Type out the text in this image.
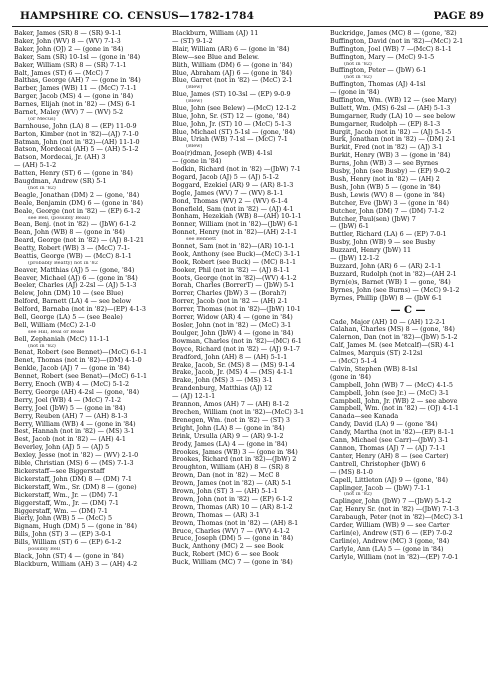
HAMPSHIRE CO. CENSUS—1782-1784	PAGE 89
Baker, James (SR) 8 — (SR) 9-1-1
Baker, John (WV) 8 — (WV) 7-1-3
Baker, John (OJ) 2 — (gone in '84)
Baker, Sam (SR) 10-1sl — (gone in '84)
Baker, William (SR) 8 — (SR) 7-1-1
Balt, James (ST) 6 — (McC) 7
Balthas, George (AH) 7 — (gone in '84)
Barber, James (WB) 11 — (McC) 7-1-1
Barger, Jacob (MS) 4 — (gone in '84)
Barnes, Elijah (not in '82) — (MS) 6-1
Barnet, Maley (WV) 7 — (WV) 5-2
(or Mecus)
Barnhouse, John (LA) 8 — (EP) 11-0-9
Barton, Kimber (not in '82)—(AJ) 7-1-0
Batman, John (not in '82)—(AH) 11-1-0
Batson, Mordecai (AH) 5 — (AH) 5-1-2
Batson, Mordecai, Jr. (AH) 3
— (AH) 5-1-2
Batten, Henry (ST) 6 — (gone in '84)
Baugdman, Andrew (SR) 5-1
(not in '82)
Beagle, Jonathan (DM) 2 — (gone, '84)
Beale, Benjamin (DM) 6 — (gone in '84)
Beale, George (not in '82) — (EP) 6-1-2
see Bell, (possibly Beall)
Bean, Benj. (not in '82) — (JbW) 6-1-2
Bean, John (WB) 8 — (gone in '84)
Beard, George (not in '82) — (AJ) 8-1-21
Beatty, Robert (WB) 3 — (McC) 7-1-
Beattis, George (WB) — (McC) 8-1-1
(probably Beatty) not in '82
Beaver, Matthias (AJ) 5 — (gone, '84)
Beaver, Michael (AJ) 6 — (gone in '84)
Beeler, Charles (AJ) 2-2sl — (AJ) 5-1-3
Belew, John (DM) 10 — (see Blue)
Belford, Barnett (LA) 4 — see below
Belford, Barnaba (not in '82)—(EP) 4-1-3
Bell, George (LA) 5 — (see Beale)
Bell, William (McC) 2-1-0
see Hill, Beal or Beale
Bell, Zephaniah (McC) 11-1-1
(not in '82)
Benat, Robert (see Bennet)—(McC) 6-1-1
Benet, Thomas (not in '82)—(DM) 4-1-0
Benkle, Jacob (AJ) 7 — (gone in '84)
Bennet, Robert (see Benat)—(McC) 6-1-1
Berry, Enoch (WB) 4 — (McC) 5-1-2
Berry, George (AH) 4-2sl — (gone, '84)
Berry, Joel (WB) 4 — (McC) 7-1-2
Berry, Joel (JbW) 5 — (gone in '84)
Berry, Reuben (AH) 7 — (AH) 8-1-3
Berry, William (WB) 4 — (gone in '84)
Best, Hannah (not in '82) — (MS) 3-1
Best, Jacob (not in '82) — (AH) 4-1
Beverley, John (AJ) 5 — (AJ) 5
Bexley, Jesse (not in '82) — (WV) 2-1-0
Bible, Christian (MS) 6 — (MS) 7-1-3
Bickerstaff—see Biggerstaff
Bickerstaff, John (DM) 8 — (DM) 7-1
Bickerstaff, Wm., Sr. (DM) 8 — (gone)
Bickerstaff, Wm., Jr. — (DM) 7-1
Biggerstaff, Wm., Jr. — (DM) 7-1
Biggerstaff, Wm. — (DM) 7-1
Bierly, John (WB) 5 — (McC) 5
Bignam, Hugh (DM) 5 — (gone in '84)
Bills, John (ST) 3 — (EP) 3-0-1
Bills, William (ST) 6 — (EP) 6-1-2
possibly Bell
Black, John (ST) 4 — (gone in '84)
Blackburn, William (AH) 3 — (AH) 4-2
Blackburn, William (AJ) 11
— (ST) 9-1-2
Blair, William (AR) 6 — (gone in '84)
Blew—see Blue and Belew.
Blith, William (DM) 6 — (gone in '84)
Blue, Abraham (AJ) 6 — (gone in '84)
Blue, Garret (not in '82) — (McC) 2-1
(Blew)
Blue, James (ST) 10-3sl — (EP) 9-0-9
(Blew)
Blue, John (see Belew) —(McC) 12-1-2
Blue, John, Sr. (ST) 12 — (gone, '84)
Blue, John, Jr. (ST) 10 — (McC) 5-1-3
Blue, Michael (ST) 5-1sl — (gone, '84)
Blue, Uriah (WB) 7-1sl — (McC) 7-1
(Blew)
Boa(r)dman, Joseph (WB) 4-1sl
— (gone in '84)
Bodkin, Richard (not in '82) —(JbW) 7-1
Bogard, Jacob (AJ) 5 — (AJ) 5-1-2
Boggard, Ezekiel (AR) 9 — (AR) 8-1-3
Bogle, James (WV) 7 — (WV) 8-1-1
Bond, Thomas (WV) 2 — (WV) 6-1-4
Bonefield, Sam (not in '82) — (AJ) 4-1
Bonham, Hezekiah (WB) 8—(AH) 10-1-1
Bonner, William (not in '82)—(JbW) 6-1
Bonnet, Henry (not in '82)—(AH) 2-1-1
see Bennett
Bonnet, Sam (not in '82)—(AR) 10-1-1
Book, Anthony (see Buck)—(McC) 3-1-1
Book, Robert (see Buck) — (MC) 8-1-1
Booker, Phil (not in '82) — (AJ) 8-1-1
Boots, George (not in '82)—(WV) 4-1-2
Borah, Charles (BorrerT) — (JbW) 5-1
Borrer, Charles (JbW) 3 — (Borah?)
Borrer, Jacob (not in '82 — (AH) 2-1
Borrer, Thomas (not in '82)—(JbW) 10-1
Borrer, Widow (AR) 4 — (gone in '84)
Bosler, John (not in '82) — (McC) 3-1
Boulger, John (JbW) 4 — (gone in '84)
Bowman, Charles (not in '82)—(MC) 6-1
Boyce, Richard (not in '82) — (AJ) 9-1-7
Bradford, John (AH) 8 — (AH) 5-1-1
Brake, Jacob, Sr. (MS) 8 — (MS) 9-1-4
Brake, Jacob, Jr. (MS) 4 — (MS) 4-1-1
Brake, John (MS) 3 — (MS) 3-1
Brandenburg, Matthias (AJ) 12
— (AJ) 12-1-1
Brannon, Amos (AH) 7 — (AH) 8-1-2
Brechen, William (not in '82)—(McC) 3-1
Brenegen, Wm. (not in '82) — (ST) 3
Bright, John (LA) 8 — (gone in '84)
Brink, Ursulla (AR) 9 — (AR) 9-1-2
Brody, James (LA) 4 — (gone in '84)
Brookes, James (WB) 3 — (gone in '84)
Brookes, Richard (not in '82)—(JbW) 2
Broughton, William (AH) 8 — (SR) 8
Brown, Dan (not in '82) — McC 8
Brown, James (not in '82) — (AR) 5-1
Brown, John (ST) 3 — (AH) 5-1-1
Brown, John (not in '82) — (EP) 6-1-2
Brown, Thomas (AR) 10 — (AR) 8-1-2
Brown, Thomas — (AR) 3-1
Brown, Thomas (not in '82) — (AH) 8-1
Bruce, Charles (WV) 7 — (WV) 4-1-2
Bruce, Joseph (DM) 5 — (gone in '84)
Buck, Anthony (MC) 2 — see Book
Buck, Robert (MC) 6 — see Book
Buck, William (MC) 7 — (gone in '84)
Buckridge, James (MC) 8 — (gone, '82)
Buffington, David (not in '82)—(McC) 2-1
Buffington, Joel (WB) 7 —(McC) 8-1-1
Buffington, Mary — (McC) 9-1-5
(not in '82)
Buffington, Peter — (JbW) 6-1
(not in '82)
Buffington, Thomas (AJ) 4-1sl
— (gone in '84)
Buffington, Wm. (WB) 12 — (see Mary)
Bullett, Wm. (MS) 6-2sl — (AH) 5-1-3
Bumgarner, Rudy (LA) 10 — see below
Bumgarner, Rudolph — (EP) 8-1-3
Burgit, Jacob (not in '82) — (AJ) 5-1-5
Burk, Jonathan (not in '82) — (DM) 2-1
Burkit, Fred (not in '82) — (AJ) 3-1
Burkit, Henry (WB) 3 — (gone in '84)
Burns, John (WB) 3 — see Byrnes
Busby, John (see Busby) — (EP) 9-0-2
Bush, Henry (not in '82) — (AH) 2
Bush, John (WB) 5 — (gone in '84)
Bush, Lewis (WV) 8 — (gone in '84)
Butcher, Eve (JbW) 3 — (gone in '84)
Butcher, John (DM) 7 — (DM) 7-1-2
Butcher, Paul(sen) (JbW) 7
— (JbW) 6-1
Buttler, Richard (LA) 6 — (EP) 7-0-1
Busby, John (WB) 9 — see Busby
Buzzard, Henry (JbW) 11
— (JbW) 12-1-2
Buzzard, John (AR) 6 — (AR) 2-1-1
Buzzard, Rudolph (not in '82)—(AH 2-1
Byrn(e)s, Barnet (WB) 1 — gone, '84)
Byrnes, John (see Burns) — (McC) 9-1-2
Byrnes, Phillip (JbW) 8 — (JbW 6-1
— C —
Cade, Major (AH) 10 — (AH) 12-2-1
Calahan, Charles (MS) 8 — (gone, '84)
Calernon, Dan (not in '82)—(JbW) 5-1-2
Calf, James M. (see Metcalf)—(SR) 4-1
Calmes, Marquis (ST) 2-12sl
— (McC) 5-1-4
Calvin, Stephen (WB) 8-1sl
(gone in '84)
Campbell, John (WB) 7 — (McC) 4-1-5
Campbell, John (see Jr.) — (McC) 3-1
Campbell, John, Jr. (WB) 2 — see above
Campbell, Wm. (not in '82) — (OJ) 4-1-1
Canada—see Kanada
Candy, David (LA) 9 — (gone '84)
Candy, Martha (not in '82)—(EP) 8-1-1
Cann, Michael (see Carr)—(JbW) 3-1
Cannon, Thomas (AJ) 7 — (AJ) 7-1-1
Canter, Henry (AH) 8 — (see Carter)
Cantrell, Christopher (JbW) 6
— (MS) 8-1-0
Capell, Littleton (AJ) 9 — (gone, '84)
Caplinger, Jacob — (JbW) 7-1-1
(not in '82)
Caplinger, John (JbW) 7 —(JbW) 5-1-2
Car, Henry Sr. (not in '82) —(JbW) 7-1-3
Carabaugh, Peter (not in '82)—(McC) 3-1
Carder, William (WB) 9 — see Carter
Carlin(e), Andrew (ST) 6 — (EP) 7-0-2
Carlin(e), Andrew (MC) 3 (gone, '84)
Carlyle, Ann (LA) 5 — (gone in '84)
Carlyle, William (not in '82)—(EP) 7-0-1
